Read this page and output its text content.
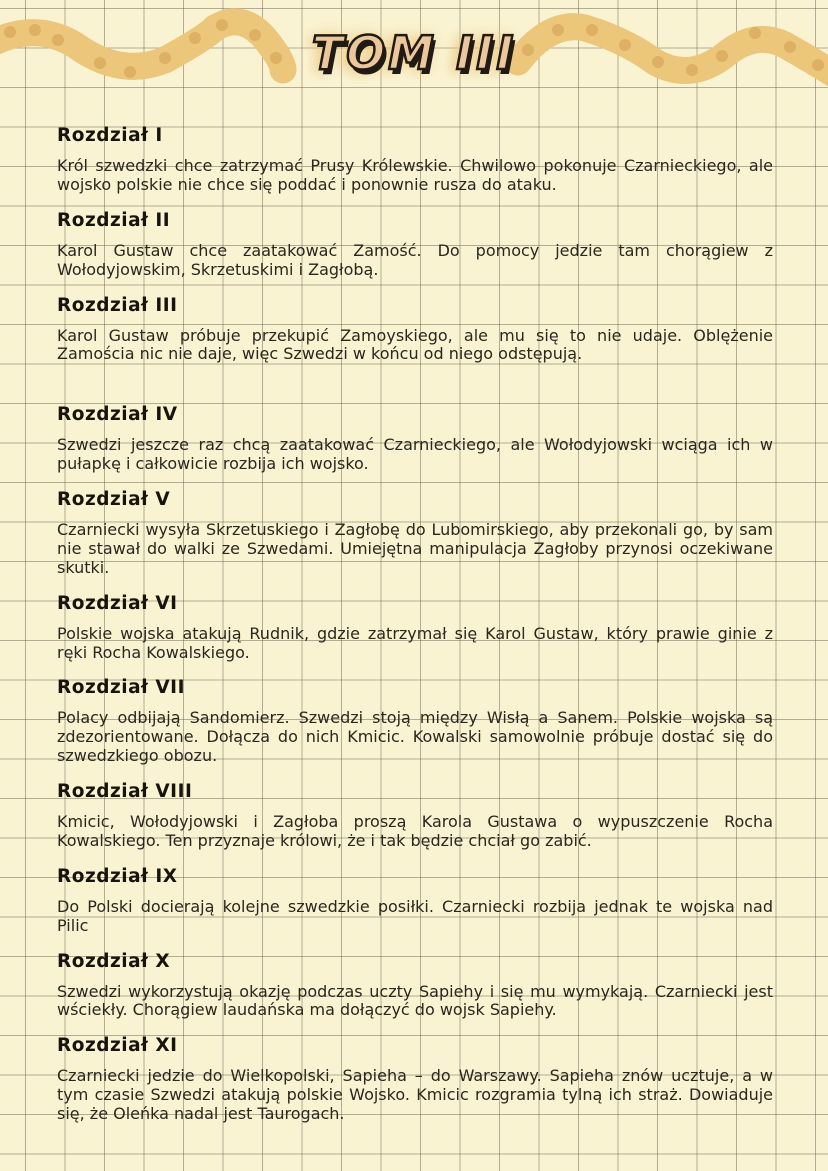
TOM III
Rozdział I

Król szwedzki chce zatrzymać Prusy Królewskie. Chwilowo pokonuje Czarnieckiego, ale wojsko polskie nie chce się poddać i ponownie rusza do ataku.

Rozdział II

Karol Gustaw chce zaatakować Zamość. Do pomocy jedzie tam chorągiew z Wołodyjowskim, Skrzetuskimi i Zagłobą.

Rozdział III

Karol Gustaw próbuje przekupić Zamoyskiego, ale mu się to nie udaje. Oblężenie Zamościa nic nie daje, więc Szwedzi w końcu od niego odstępują.

Rozdział IV

Szwedzi jeszcze raz chcą zaatakować Czarnieckiego, ale Wołodyjowski wciąga ich w pułapkę i całkowicie rozbija ich wojsko.

Rozdział V

Czarniecki wysyła Skrzetuskiego i Zagłobę do Lubomirskiego, aby przekonali go, by sam nie stawał do walki ze Szwedami. Umiejętna manipulacja Zagłoby przynosi oczekiwane skutki.

Rozdział VI

Polskie wojska atakują Rudnik, gdzie zatrzymał się Karol Gustaw, który prawie ginie z ręki Rocha Kowalskiego.

Rozdział VII

Polacy odbijają Sandomierz. Szwedzi stoją między Wisłą a Sanem. Polskie wojska są zdezorientowane. Dołącza do nich Kmicic. Kowalski samowolnie próbuje dostać się do szwedzkiego obozu.

Rozdział VIII

Kmicic, Wołodyjowski i Zagłoba proszą Karola Gustawa o wypuszczenie Rocha Kowalskiego. Ten przyznaje królowi, że i tak będzie chciał go zabić.

Rozdział IX

Do Polski docierają kolejne szwedzkie posiłki. Czarniecki rozbija jednak te wojska nad Pilic

Rozdział X

Szwedzi wykorzystują okazję podczas uczty Sapiehy i się mu wymykają. Czarniecki jest wściekły. Chorągiew laudańska ma dołączyć do wojsk Sapiehy.

Rozdział XI

Czarniecki jedzie do Wielkopolski, Sapieha – do Warszawy. Sapieha znów ucztuje, a w tym czasie Szwedzi atakują polskie Wojsko. Kmicic rozgramia tylną ich straż. Dowiaduje się, że Oleńka nadal jest Taurogach.
